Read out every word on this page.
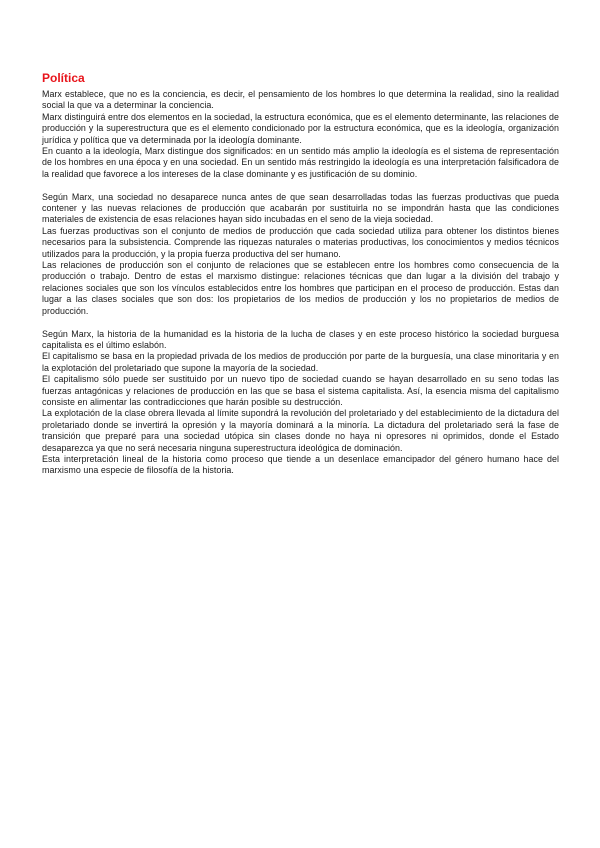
Política

Marx establece, que no es la conciencia, es decir, el pensamiento de los hombres lo que determina la realidad, sino la realidad social la que va a determinar la conciencia.

Marx distinguirá entre dos elementos en la sociedad, la estructura económica, que es el elemento determinante, las relaciones de producción y la superestructura que es el elemento condicionado por la estructura económica, que es la ideología, organización jurídica y política que va determinada por la ideología dominante.

En cuanto a la ideología, Marx distingue dos significados: en un sentido más amplio la ideología es el sistema de representación de los hombres en una época y en una sociedad. En un sentido más restringido la ideología es una interpretación falsificadora de la realidad que favorece a los intereses de la clase dominante y es justificación de su dominio.

Según Marx, una sociedad no desaparece nunca antes de que sean desarrolladas todas las fuerzas productivas que pueda contener y las nuevas relaciones de producción que acabarán por sustituirla no se impondrán hasta que las condiciones materiales de existencia de esas relaciones hayan sido incubadas en el seno de la vieja sociedad.

Las fuerzas productivas son el conjunto de medios de producción que cada sociedad utiliza para obtener los distintos bienes necesarios para la subsistencia. Comprende las riquezas naturales o materias productivas, los conocimientos y medios técnicos utilizados para la producción, y la propia fuerza productiva del ser humano.

Las relaciones de producción son el conjunto de relaciones que se establecen entre los hombres como consecuencia de la producción o trabajo. Dentro de estas el marxismo distingue: relaciones técnicas que dan lugar a la división del trabajo y relaciones sociales que son los vínculos establecidos entre los hombres que participan en el proceso de producción. Estas dan lugar a las clases sociales que son dos: los propietarios de los medios de producción y los no propietarios de medios de producción.

Según Marx, la historia de la humanidad es la historia de la lucha de clases y en este proceso histórico la sociedad burguesa capitalista es el último eslabón.

El capitalismo se basa en la propiedad privada de los medios de producción por parte de la burguesía, una clase minoritaria y en la explotación del proletariado que supone la mayoría de la sociedad.

El capitalismo sólo puede ser sustituido por un nuevo tipo de sociedad cuando se hayan desarrollado en su seno todas las fuerzas antagónicas y relaciones de producción en las que se basa el sistema capitalista. Así, la esencia misma del capitalismo consiste en alimentar las contradicciones que harán posible su destrucción.

La explotación de la clase obrera llevada al límite supondrá la revolución del proletariado y del establecimiento de la dictadura del proletariado donde se invertirá la opresión y la mayoría dominará a la minoría. La dictadura del proletariado será la fase de transición que preparé para una sociedad utópica sin clases donde no haya ni opresores ni oprimidos, donde el Estado desaparezca ya que no será necesaria ninguna superestructura ideológica de dominación.

Esta interpretación lineal de la historia como proceso que tiende a un desenlace emancipador del género humano hace del marxismo una especie de filosofía de la historia.
